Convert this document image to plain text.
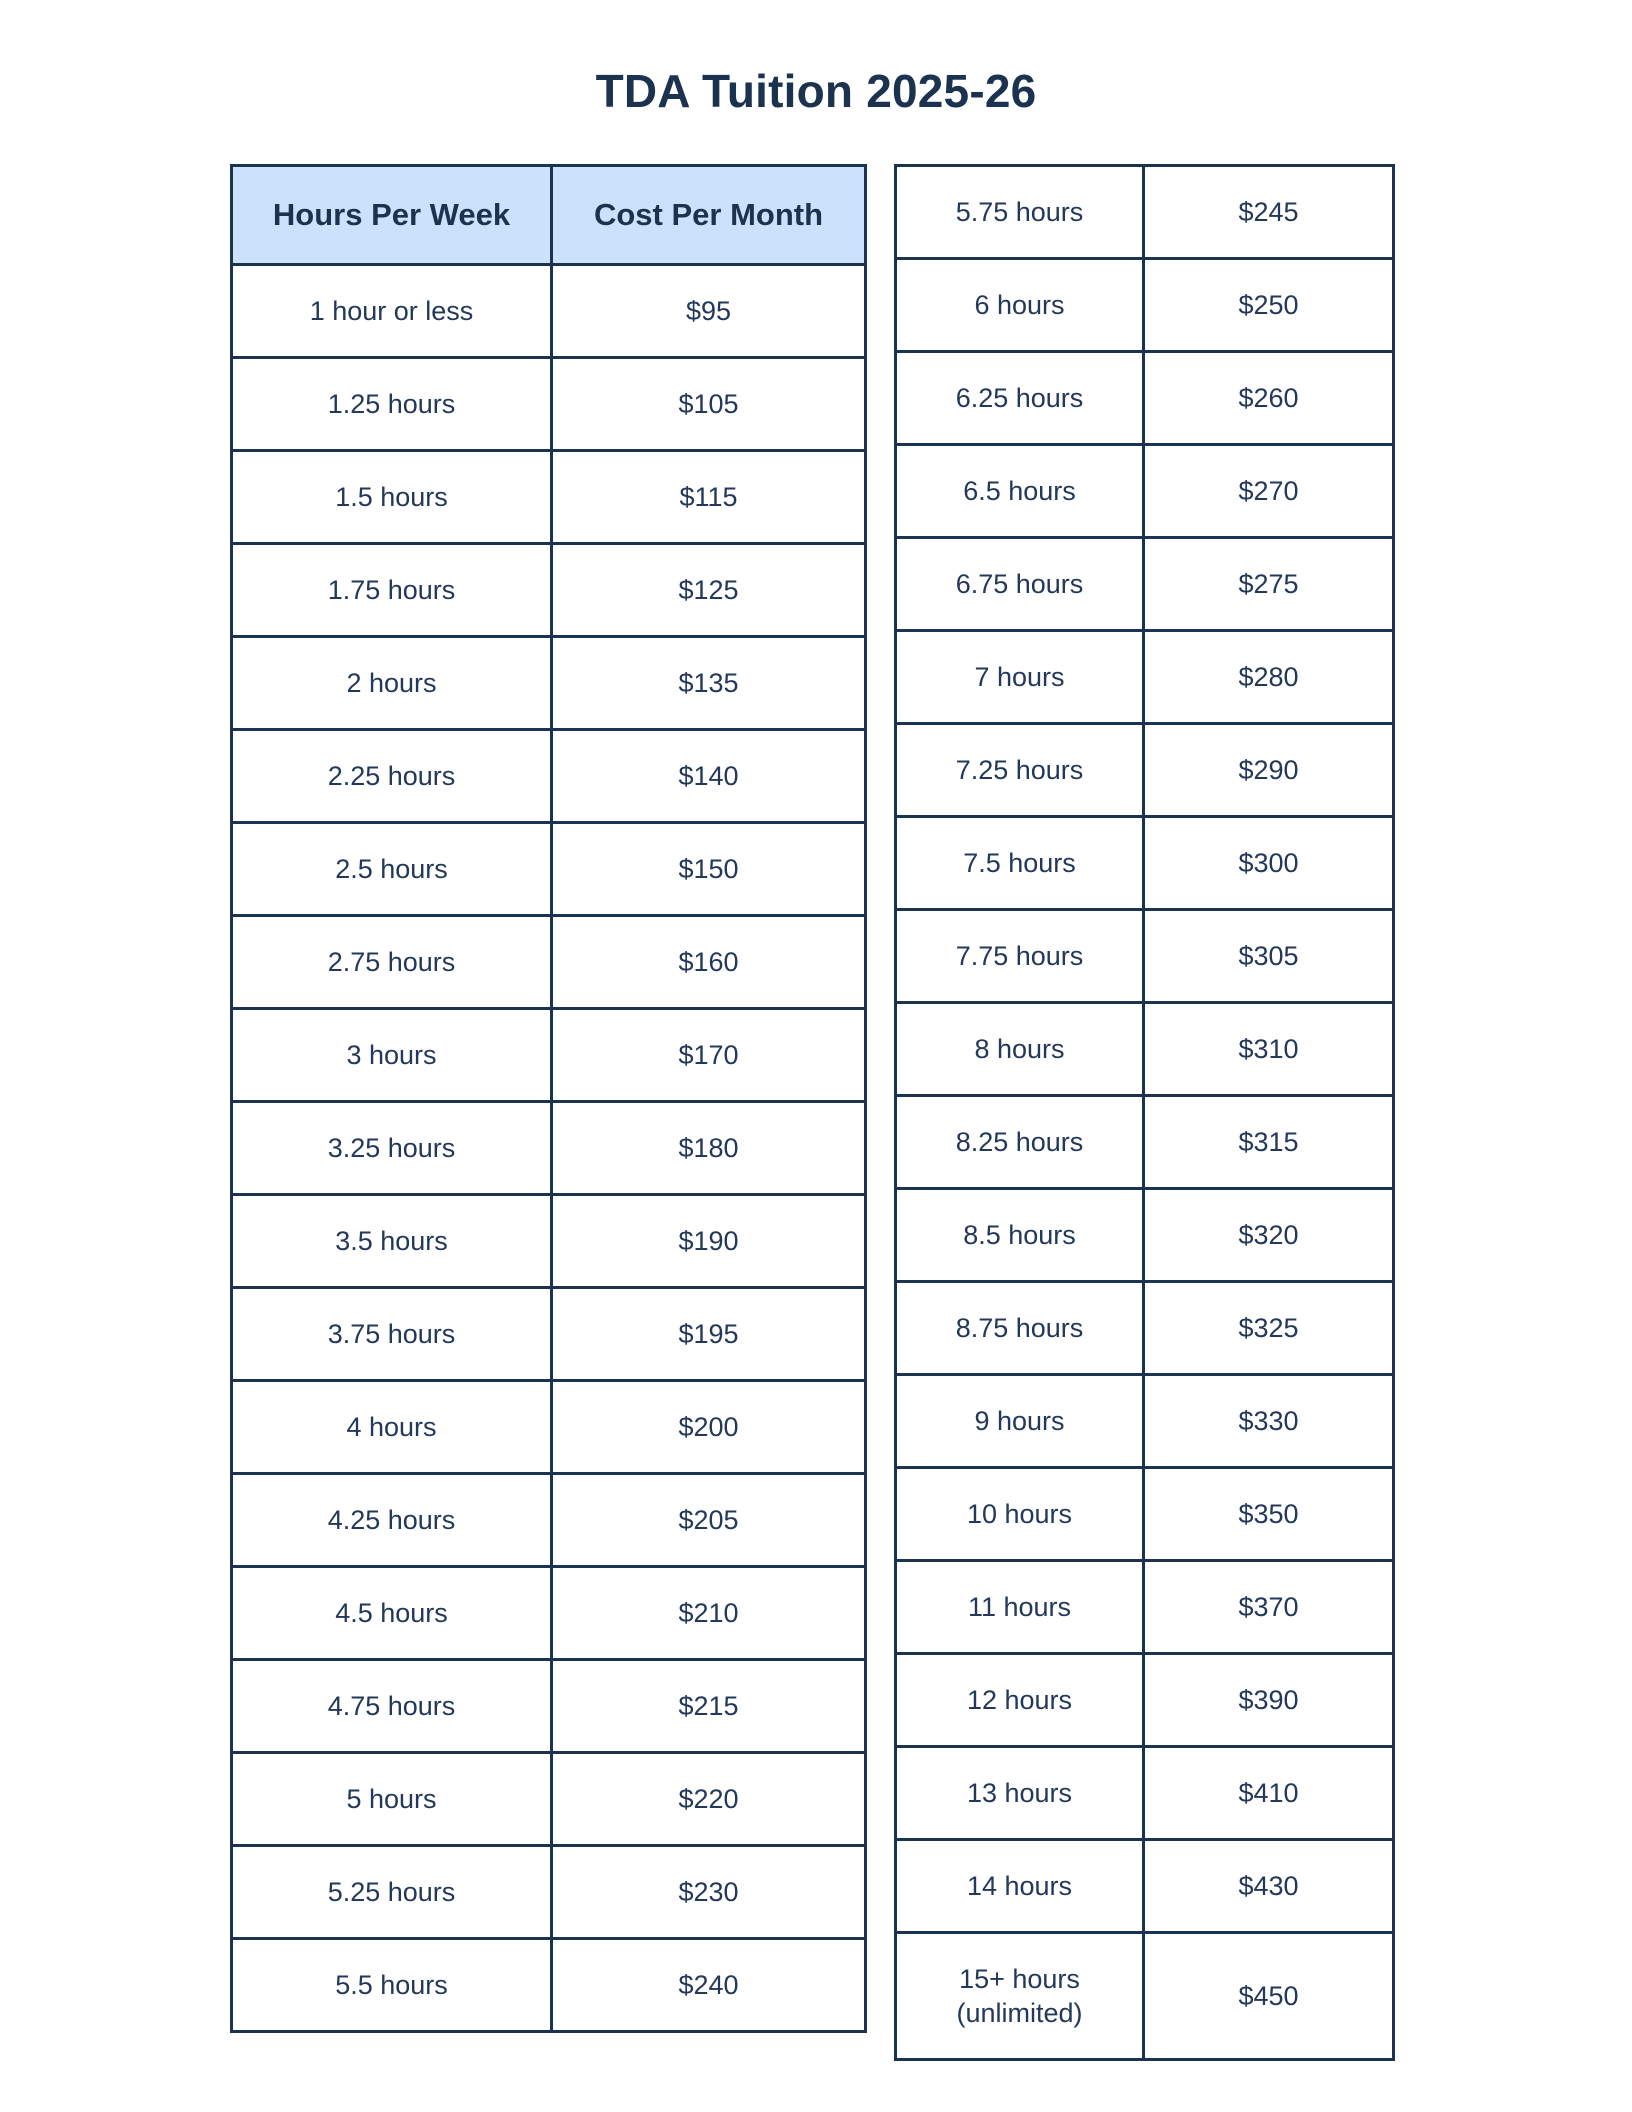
TDA Tuition 2025-26
Hours Per Week	Cost Per Month
1 hour or less	$95
1.25 hours	$105
1.5 hours	$115
1.75 hours	$125
2 hours	$135
2.25 hours	$140
2.5 hours	$150
2.75 hours	$160
3 hours	$170
3.25 hours	$180
3.5 hours	$190
3.75 hours	$195
4 hours	$200
4.25 hours	$205
4.5 hours	$210
4.75 hours	$215
5 hours	$220
5.25 hours	$230
5.5 hours	$240
5.75 hours	$245
6 hours	$250
6.25 hours	$260
6.5 hours	$270
6.75 hours	$275
7 hours	$280
7.25 hours	$290
7.5 hours	$300
7.75 hours	$305
8 hours	$310
8.25 hours	$315
8.5 hours	$320
8.75 hours	$325
9 hours	$330
10 hours	$350
11 hours	$370
12 hours	$390
13 hours	$410
14 hours	$430
15+ hours (unlimited)	$450
